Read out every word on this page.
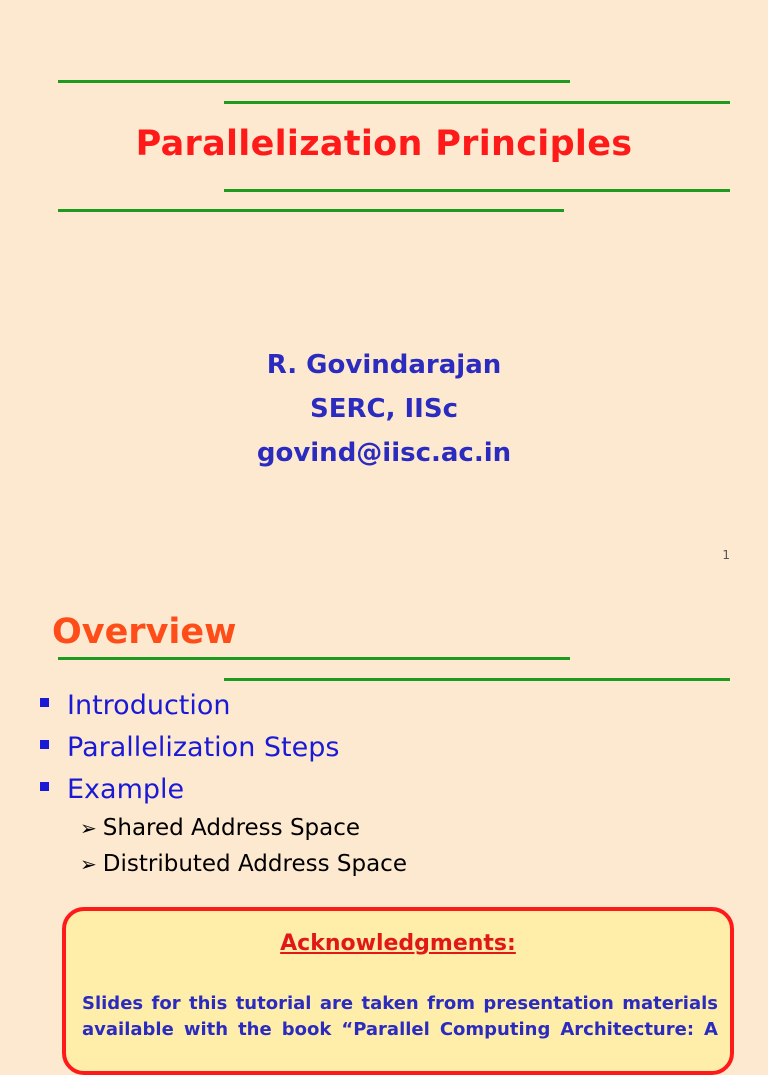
Parallelization Principles
R. Govindarajan
SERC, IISc
govind@iisc.ac.in
1
Overview
Introduction
Parallelization Steps
Example
➢ Shared Address Space
➢ Distributed Address Space
Acknowledgments:
Slides for this tutorial are taken from presentation materials
available with the book “Parallel Computing Architecture: A
